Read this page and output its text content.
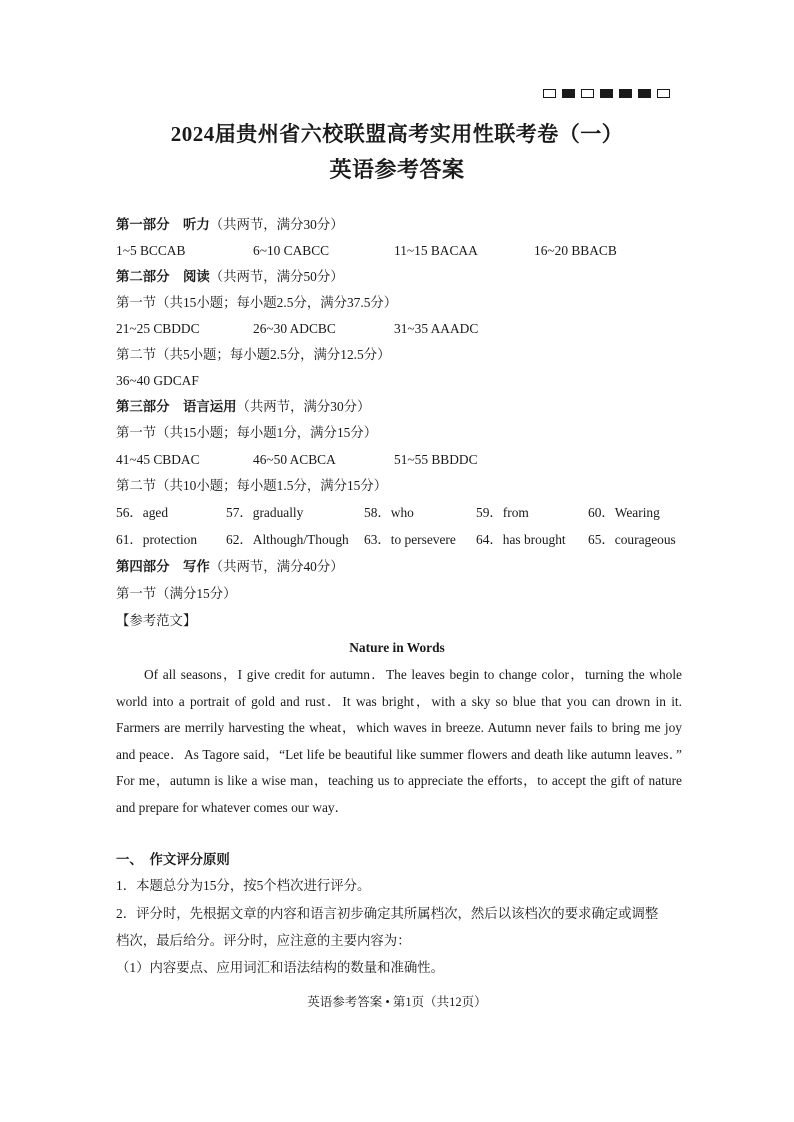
2024届贵州省六校联盟高考实用性联考卷（一）
英语参考答案
第一部分　听力（共两节，满分30分）
1~5 BCCAB	6~10 CABCC	11~15 BACAA	16~20 BBACB
第二部分　阅读（共两节，满分50分）
第一节（共15小题；每小题2.5分，满分37.5分）
21~25 CBDDC	26~30 ADCBC	31~35 AAADC
第二节（共5小题；每小题2.5分，满分12.5分）
36~40 GDCAF
第三部分　语言运用（共两节，满分30分）
第一节（共15小题；每小题1分，满分15分）
41~45 CBDAC	46~50 ACBCA	51~55 BBDDC
第二节（共10小题；每小题1.5分，满分15分）
56．aged	57．gradually	58．who	59．from	60．Wearing
61．protection 62．Although/Though 63．to persevere 64．has brought 65．courageous
第四部分　写作（共两节，满分40分）
第一节（满分15分）
【参考范文】
Nature in Words
Of all seasons，I give credit for autumn．The leaves begin to change color，turning the whole world into a portrait of gold and rust．It was bright，with a sky so blue that you can drown in it. Farmers are merrily harvesting the wheat，which waves in breeze. Autumn never fails to bring me joy and peace．As Tagore said，“Let life be beautiful like summer flowers and death like autumn leaves．” For me，autumn is like a wise man，teaching us to appreciate the efforts，to accept the gift of nature and prepare for whatever comes our way．
一、　作文评分原则
1．本题总分为15分，按5个档次进行评分。
2．评分时，先根据文章的内容和语言初步确定其所属档次，然后以该档次的要求确定或调整
档次，最后给分。评分时，应注意的主要内容为：
（1）内容要点、应用词汇和语法结构的数量和准确性。
英语参考答案 • 第1页（共12页）
